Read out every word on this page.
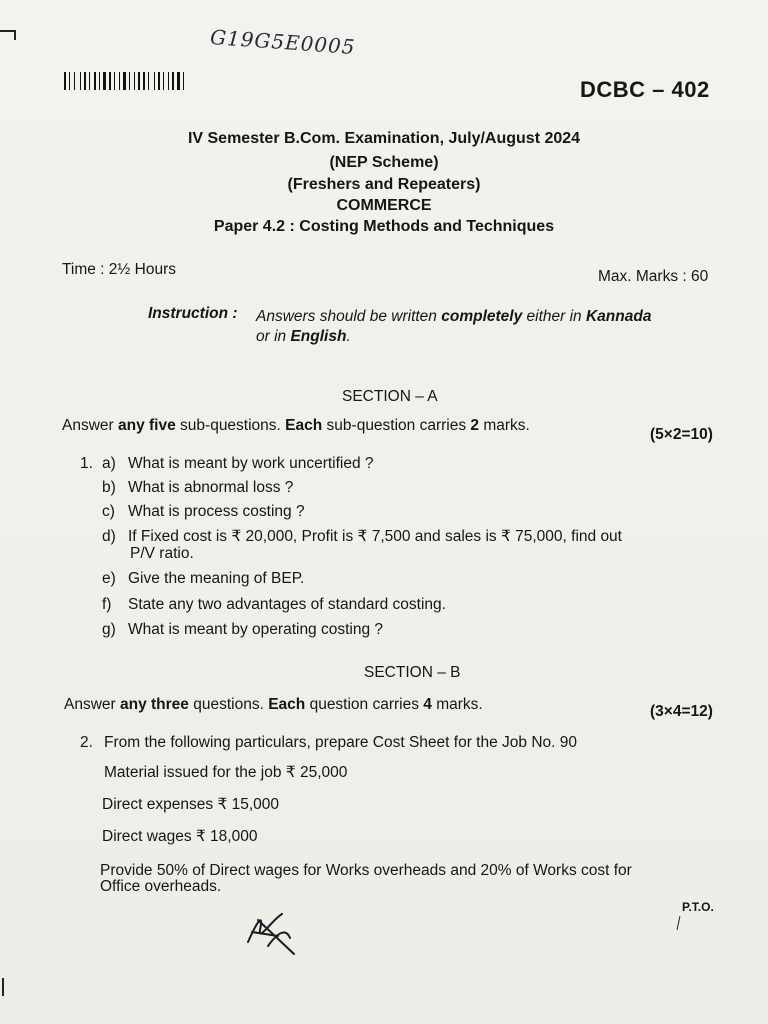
G19G5E0005
DCBC – 402
IV Semester B.Com. Examination, July/August 2024
(NEP Scheme)
(Freshers and Repeaters)
COMMERCE
Paper 4.2 : Costing Methods and Techniques
Time : 2½ Hours	Max. Marks : 60
Instruction : Answers should be written completely either in Kannada
or in English.
SECTION – A
Answer any five sub-questions. Each sub-question carries 2 marks.
(5×2=10)
1. a) What is meant by work uncertified ?
b) What is abnormal loss ?
c) What is process costing ?
d) If Fixed cost is ₹ 20,000, Profit is ₹ 7,500 and sales is ₹ 75,000, find out
P/V ratio.
e) Give the meaning of BEP.
f) State any two advantages of standard costing.
g) What is meant by operating costing ?
SECTION – B
Answer any three questions. Each question carries 4 marks.	(3×4=12)
2. From the following particulars, prepare Cost Sheet for the Job No. 90
Material issued for the job ₹ 25,000
Direct expenses ₹ 15,000
Direct wages ₹ 18,000
Provide 50% of Direct wages for Works overheads and 20% of Works cost for
Office overheads.
P.T.O.
